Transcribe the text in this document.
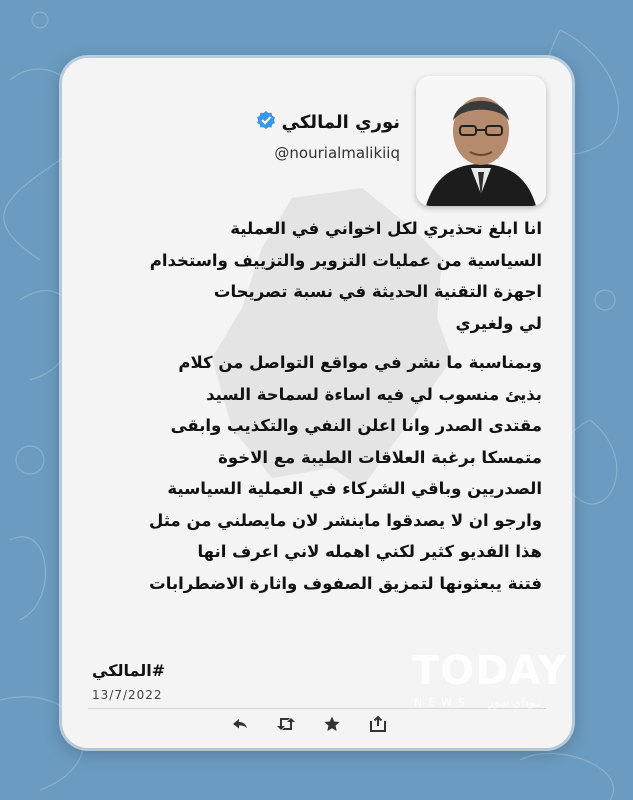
نوري المالكي
@nourialmalikiiq

انا ابلغ تحذيري لكل اخواني في العملية
السياسية من عمليات التزوير والتزييف واستخدام
اجهزة التقنية الحديثة في نسبة تصريحات
لي ولغيري

وبمناسبة ما نشر في مواقع التواصل من كلام
بذيئ منسوب لي فيه اساءة لسماحة السيد
مقتدى الصدر وانا اعلن النفي والتكذيب وابقى
متمسكا برغبة العلاقات الطيبة مع الاخوة
الصدريين وباقي الشركاء في العملية السياسية
وارجو ان لا يصدقوا ماينشر لان مايصلني من مثل
هذا الفديو كثير لكني اهمله لاني اعرف انها
فتنة يبعثونها لتمزيق الصفوف واثارة الاضطرابات

#المالكي
13/7/2022
TODAY
NEWS تـوداي نيـوز
